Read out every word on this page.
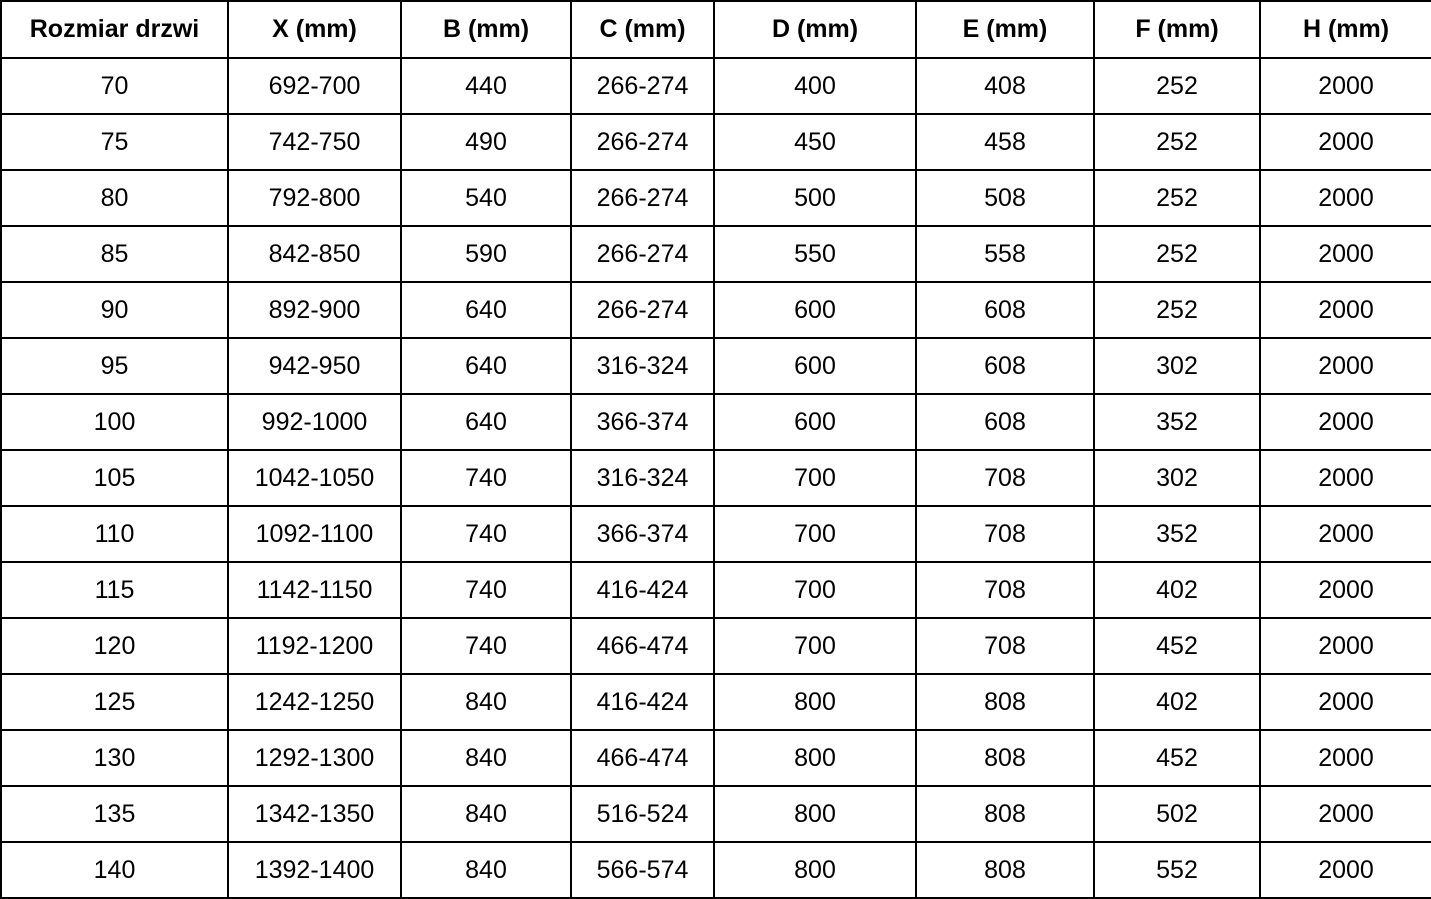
Rozmiar drzwi	X (mm)	B (mm)	C (mm)	D (mm)	E (mm)	F (mm)	H (mm)
70	692-700	440	266-274	400	408	252	2000
75	742-750	490	266-274	450	458	252	2000
80	792-800	540	266-274	500	508	252	2000
85	842-850	590	266-274	550	558	252	2000
90	892-900	640	266-274	600	608	252	2000
95	942-950	640	316-324	600	608	302	2000
100	992-1000	640	366-374	600	608	352	2000
105	1042-1050	740	316-324	700	708	302	2000
110	1092-1100	740	366-374	700	708	352	2000
115	1142-1150	740	416-424	700	708	402	2000
120	1192-1200	740	466-474	700	708	452	2000
125	1242-1250	840	416-424	800	808	402	2000
130	1292-1300	840	466-474	800	808	452	2000
135	1342-1350	840	516-524	800	808	502	2000
140	1392-1400	840	566-574	800	808	552	2000
